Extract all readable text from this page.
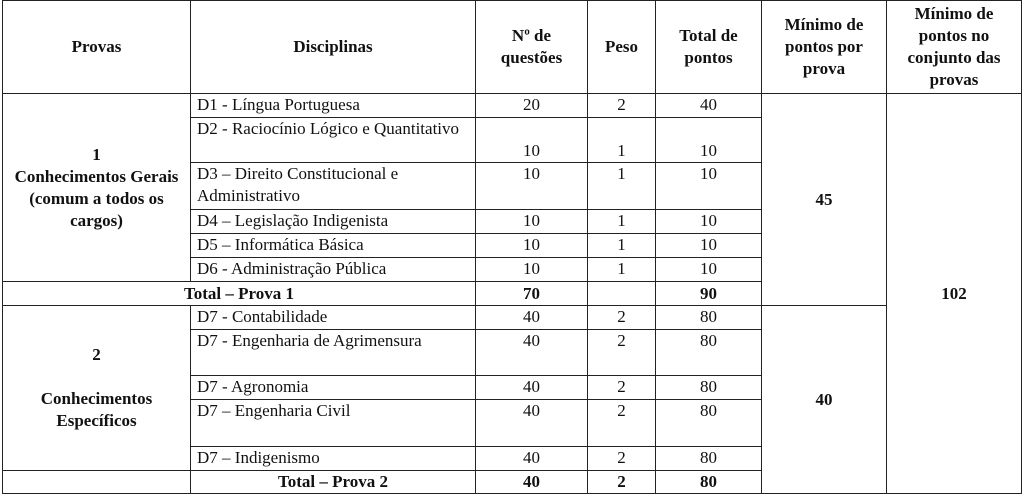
Provas	Disciplinas	Nº de questões	Peso	Total de pontos	Mínimo de pontos por prova	Mínimo de pontos no conjunto das provas

1
Conhecimentos Gerais (comum a todos os cargos)	D1 - Língua Portuguesa	20	2	40	45	102
	D2 - Raciocínio Lógico e Quantitativo	10	1	10		
	D3 – Direito Constitucional e Administrativo	10	1	10		
	D4 – Legislação Indigenista	10	1	10		
	D5 – Informática Básica	10	1	10		
	D6 - Administração Pública	10	1	10		
Total – Prova 1		70		90		

2
Conhecimentos Específicos	D7 - Contabilidade	40	2	80	40	
	D7 - Engenharia de Agrimensura	40	2	80		
	D7 - Agronomia	40	2	80		
	D7 – Engenharia Civil	40	2	80		
	D7 – Indigenismo	40	2	80		
	Total – Prova 2	40	2	80		
